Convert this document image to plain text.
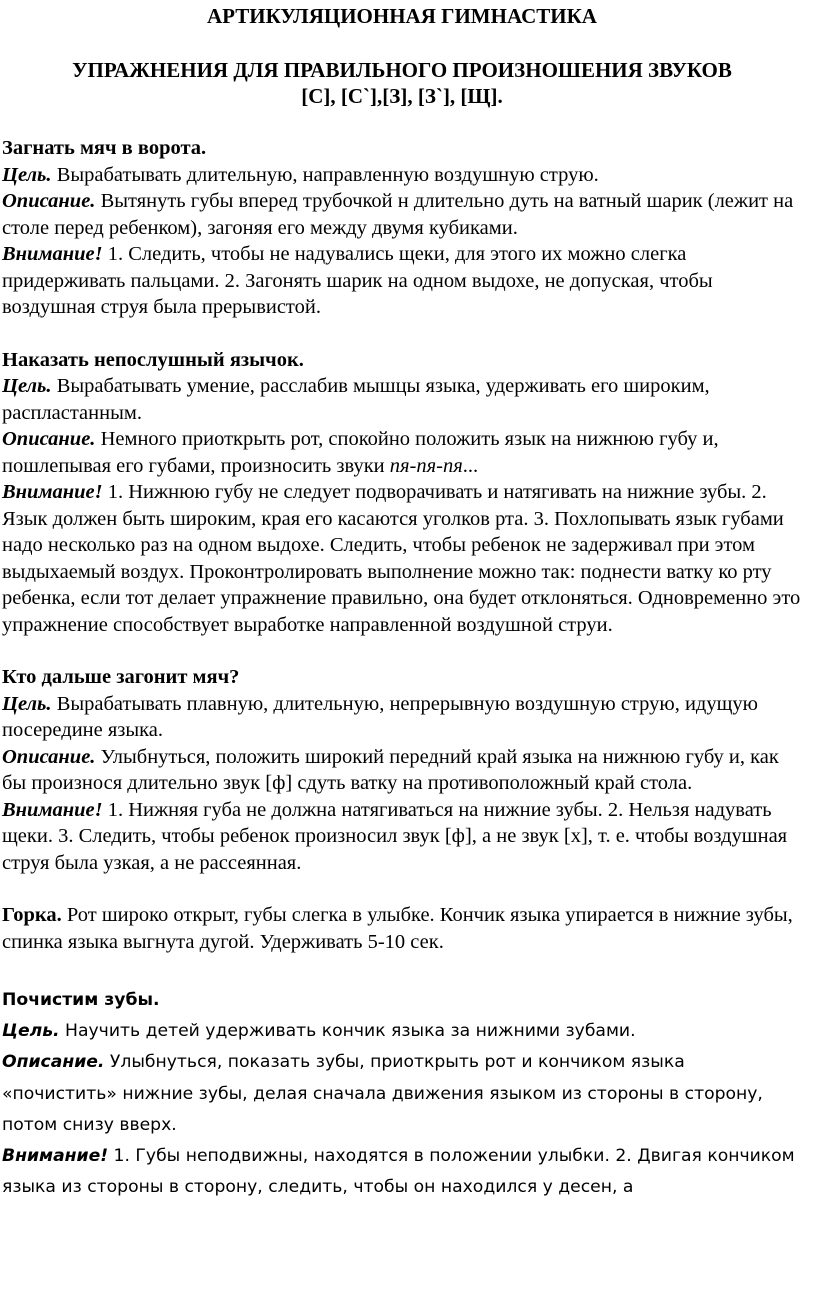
АРТИКУЛЯЦИОННАЯ ГИМНАСТИКА
УПРАЖНЕНИЯ ДЛЯ ПРАВИЛЬНОГО ПРОИЗНОШЕНИЯ ЗВУКОВ
[С], [С`],[З], [З`], [Щ].

Загнать мяч в ворота.

Цель. Вырабатывать длительную, направленную воздушную струю.

Описание. Вытянуть губы вперед трубочкой н длительно дуть на ватный шарик (лежит на столе перед ребенком), загоняя его между двумя кубиками.

Внимание! 1. Следить, чтобы не надувались щеки, для этого их можно слегка придерживать пальцами. 2. Загонять шарик на одном выдохе, не допуская, чтобы воздушная струя была прерывистой.

Наказать непослушный язычок.

Цель. Вырабатывать умение, расслабив мышцы языка, удерживать его широким, распластанным.

Описание. Немного приоткрыть рот, спокойно положить язык на нижнюю губу и, пошлепывая его губами, произносить звуки пя-пя-пя...

Внимание! 1. Нижнюю губу не следует подворачивать и натягивать на нижние зубы. 2. Язык должен быть широким, края его касаются уголков рта. 3. Похлопывать язык губами надо несколько раз на одном выдохе. Следить, чтобы ребенок не задерживал при этом выдыхаемый воздух. Проконтролировать выполнение можно так: поднести ватку ко рту ребенка, если тот делает упражнение правильно, она будет отклоняться. Одновременно это упражнение способствует выработке направленной воздушной струи.

Кто дальше загонит мяч?

Цель. Вырабатывать плавную, длительную, непрерывную воздушную струю, идущую посередине языка.

Описание. Улыбнуться, положить широкий передний край языка на нижнюю губу и, как бы произнося длительно звук [ф] сдуть ватку на противоположный край стола.

Внимание! 1. Нижняя губа не должна натягиваться на нижние зубы. 2. Нельзя надувать щеки. 3. Следить, чтобы ребенок произносил звук [ф], а не звук [х], т. е. чтобы воздушная струя была узкая, а не рассеянная.

Горка. Рот широко открыт, губы слегка в улыбке. Кончик языка упирается в нижние зубы, спинка языка выгнута дугой. Удерживать 5-10 сек.

Почистим зубы.

Цель. Научить детей удерживать кончик языка за нижними зубами.

Описание. Улыбнуться, показать зубы, приоткрыть рот и кончиком языка «почистить» нижние зубы, делая сначала движения языком из стороны в сторону, потом снизу вверх.

Внимание! 1. Губы неподвижны, находятся в положении улыбки. 2. Двигая кончиком языка из стороны в сторону, следить, чтобы он находился у десен, а
